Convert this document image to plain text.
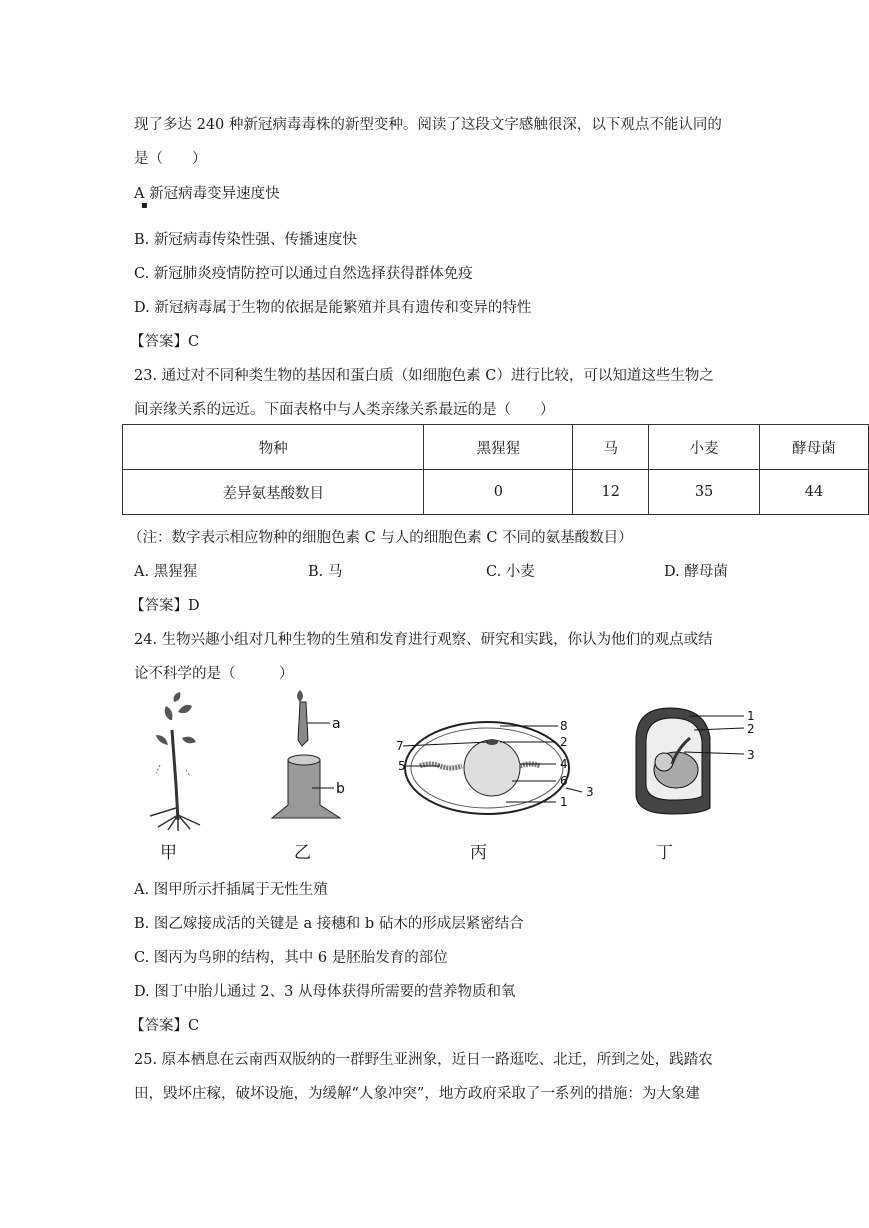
现了多达 240 种新冠病毒毒株的新型变种。阅读了这段文字感触很深，以下观点不能认同的
是（　　）
A 新冠病毒变异速度快
▪
B. 新冠病毒传染性强、传播速度快
C. 新冠肺炎疫情防控可以通过自然选择获得群体免疫
D. 新冠病毒属于生物的依据是能繁殖并具有遗传和变异的特性
【答案】C
23. 通过对不同种类生物的基因和蛋白质（如细胞色素 C）进行比较，可以知道这些生物之
间亲缘关系的远近。下面表格中与人类亲缘关系最远的是（　　）
物种	黑猩猩	马	小麦	酵母菌
差异氨基酸数目	0	12	35	44
（注：数字表示相应物种的细胞色素 C 与人的细胞色素 C 不同的氨基酸数目）
A. 黑猩猩	B. 马	C. 小麦	D. 酵母菌
【答案】D
24. 生物兴趣小组对几种生物的生殖和发育进行观察、研究和实践，你认为他们的观点或结
论不科学的是（　　　）
a
b
8
7	2
5	4
6
3
1
1
2
3
甲	乙	丙	丁
A. 图甲所示扦插属于无性生殖
B. 图乙嫁接成活的关键是 a 接穗和 b 砧木的形成层紧密结合
C. 图丙为鸟卵的结构，其中 6 是胚胎发育的部位
D. 图丁中胎儿通过 2、3 从母体获得所需要的营养物质和氧
【答案】C
25. 原本栖息在云南西双版纳的一群野生亚洲象，近日一路逛吃、北迁，所到之处，践踏农
田，毁坏庄稼，破坏设施，为缓解“人象冲突”，地方政府采取了一系列的措施：为大象建
